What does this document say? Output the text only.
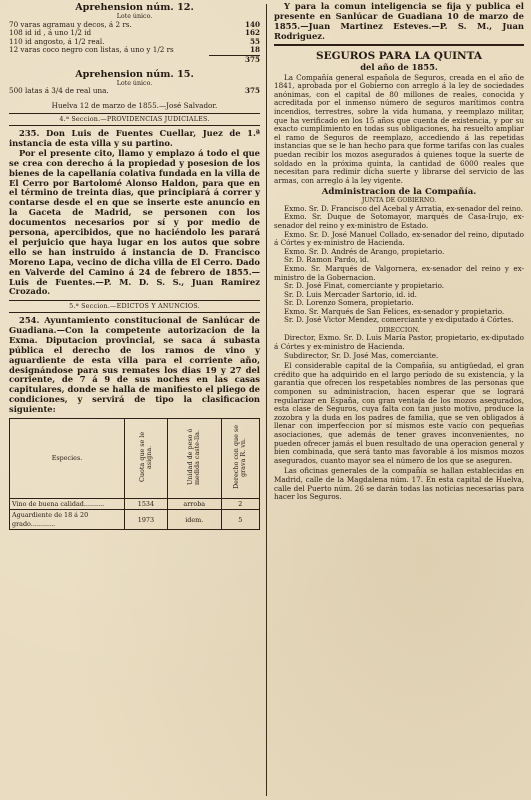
Aprehension núm. 12.
Lote único.
70 varas agramau y decos, á 2 rs.	140
108 id id , á uno 1/2 id	162
110 id angosto, á 1/2 real.	55
12 varas coco negro con listas, á uno y 1/2 rs	18
375
Aprehension núm. 15.
Lote único.
500 latas á 3/4 de real una.	375
Huelva 12 de marzo de 1855.—José Salvador.
4.ª Seccion.—PROVIDENCIAS JUDICIALES.
235. Don Luis de Fuentes Cuellar, Juez de 1.ª instancia de esta villa y su partino.
Por el presente cito, llamo y emplazo á todo el que se crea con derecho á la propiedad y posesion de los bienes de la capellanía colativa fundada en la villa de El Cerro por Bartolomé Alonso Haldon, para que en el término de treinta dias, que principiará á correr y contarse desde el en que se inserte este anuncio en la Gaceta de Madrid, se personen con los documentos necesarios por sí y por medio de persona, apercibidos, que no haciéndolo les parará el perjuicio que haya lugar en los autos que sobre ello se han instruido á instancia de D. Francisco Moreno Lapa, vecino de dicha villa de El Cerro. Dado en Valverde del Camino á 24 de febrero de 1855.—Luis de Fuentes.—P. M. D. S. S., Juan Ramirez Crozado.
5.ª Seccion.—EDICTOS Y ANUNCIOS.
254. Ayuntamiento constitucional de Sanlúcar de Guadiana.—Con la competente autorizacion de la Exma. Diputacion provincial, se saca á subasta pública el derecho de los ramos de vino y aguardiente de esta villa para el corriente año, designándose para sus remates los dias 19 y 27 del corriente, de 7 á 9 de sus noches en las casas capitulares, donde se halla de manifiesto el pliego de condiciones, y servirá de tipo la clasificacion siguiente:
Especies.	Cuota que se le asigna.	Unidad de peso ó medida caste-lla.	Derecho con que se grava R. vn.
Vino de buena calidad..........	1534	arroba	2
Aguardiente de 18 á 20 grado............	1973	idem.	5
Y para la comun inteligencia se fija y publica el presente en Sanlúcar de Guadiana 10 de marzo de 1855.—Juan Martinez Esteves.—P. S. M., Juan Rodriguez.
SEGUROS PARA LA QUINTA
del año de 1855.
La Compañía general española de Seguros, creada en el año de 1841, aprobada por el Gobierno con arreglo á la ley de sociedades anónimas, con el capital de 80 millones de reales, conocida y acreditada por el inmenso número de seguros marítimos contra incendios, terrestres, sobre la vida humana, y reemplazo militar, que ha verificado en los 15 años que cuenta de existencia, y por su exacto cumplimiento en todas sus obligaciones, ha resuelto ampliar el ramo de Seguros de reemplazo, accediendo á las repetidas instancias que se le han hecho para que forme tarifas con las cuales puedan recibir los mozos asegurados á quienes toque la suerte de soldado en la próxima quinta, la cantidad de 6000 reales que necesitan para redimir dicha suerte y librarse del servicio de las armas, con arreglo á la ley vigente.
Administracion de la Compañía.
JUNTA DE GOBIERNO.
Exmo. Sr. D. Francisco del Acebal y Arratia, ex-senador del reino.
Exmo. Sr. Duque de Sotomayor, marqués de Casa-Irujo, ex-senador del reino y ex-ministro de Estado.
Exmo. Sr. D. José Manuel Collado, ex-senador del reino, diputado á Córtes y ex-ministro de Hacienda.
Exmo. Sr. D. Andrés de Arango, propietario.
Sr. D. Ramon Pardo, id.
Exmo. Sr. Marqués de Valgornera, ex-senador del reino y ex-ministro de la Gobernacion.
Sr. D. José Finat, comerciante y propietario.
Sr. D. Luis Mercader Sartorio, id. id.
Sr. D. Lorenzo Somera, propietario.
Exmo. Sr. Marqués de San Felices, ex-senador y propietario.
Sr. D. José Victor Mendez, comerciante y ex-diputado á Córtes.
DIRECCION.
Director, Exmo. Sr. D. Luis María Pastor, propietario, ex-diputado á Córtes y ex-ministro de Hacienda.
Subdirector, Sr. D. José Mas, comerciante.
El considerable capital de la Compañía, su antigüedad, el gran crédito que ha adquirido en el largo período de su existencia, y la garantía que ofrecen los respetables nombres de las personas que componen su administracion, hacen esperar que se logrará regularizar en España, con gran ventaja de los mozos asegurados, esta clase de Seguros, cuya falta con tan justo motivo, produce la zozobra y la duda en los padres de familia, que se ven obligados á llenar con imperfeccion por sí mismos este vacío con pequeñas asociaciones, que además de tener graves inconvenientes, no pueden ofrecer jamás el buen resultado de una operacion general y bien combinada, que será tanto mas favorable á los mismos mozos asegurados, cuanto mayor sea el número de los que se aseguren.
Las oficinas generales de la compañía se hallan establecidas en Madrid, calle de la Magdalena núm. 17. En esta capital de Huelva, calle del Puerto núm. 26 se darán todas las noticias necesarias para hacer los Seguros.
